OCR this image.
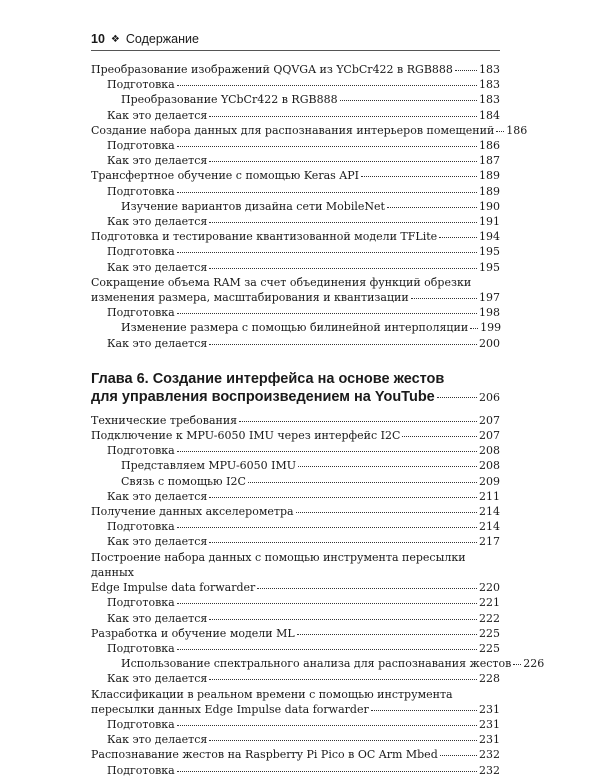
10 ❖ Содержание
Преобразование изображений QQVGA из YCbCr422 в RGB888 183
Подготовка	183
Преобразование YCbCr422 в RGB888	183
Как это делается	184
Создание набора данных для распознавания интерьеров помещений 186
Подготовка	186
Как это делается	187
Трансфертное обучение с помощью Keras API	189
Подготовка	189
Изучение вариантов дизайна сети MobileNet	190
Как это делается	191
Подготовка и тестирование квантизованной модели TFLite	194
Подготовка	195
Как это делается	195
Сокращение объема RAM за счет объединения функций обрезки
изменения размера, масштабирования и квантизации	197
Подготовка	198
Изменение размера с помощью билинейной интерполяции 199
Как это делается	200
Глава 6. Создание интерфейса на основе жестов
для управления воспроизведением на YouTube	206
Технические требования	207
Подключение к MPU-6050 IMU через интерфейс I2C	207
Подготовка	208
Представляем MPU-6050 IMU	208
Связь с помощью I2C	209
Как это делается	211
Получение данных акселерометра	214
Подготовка	214
Как это делается	217
Построение набора данных с помощью инструмента пересылки данных
Edge Impulse data forwarder	220
Подготовка	221
Как это делается	222
Разработка и обучение модели ML	225
Подготовка	225
Использование спектрального анализа для распознавания жестов 226
Как это делается	228
Классификации в реальном времени с помощью инструмента
пересылки данных Edge Impulse data forwarder	231
Подготовка	231
Как это делается	231
Распознавание жестов на Raspberry Pi Pico в ОС Arm Mbed	232
Подготовка	232
